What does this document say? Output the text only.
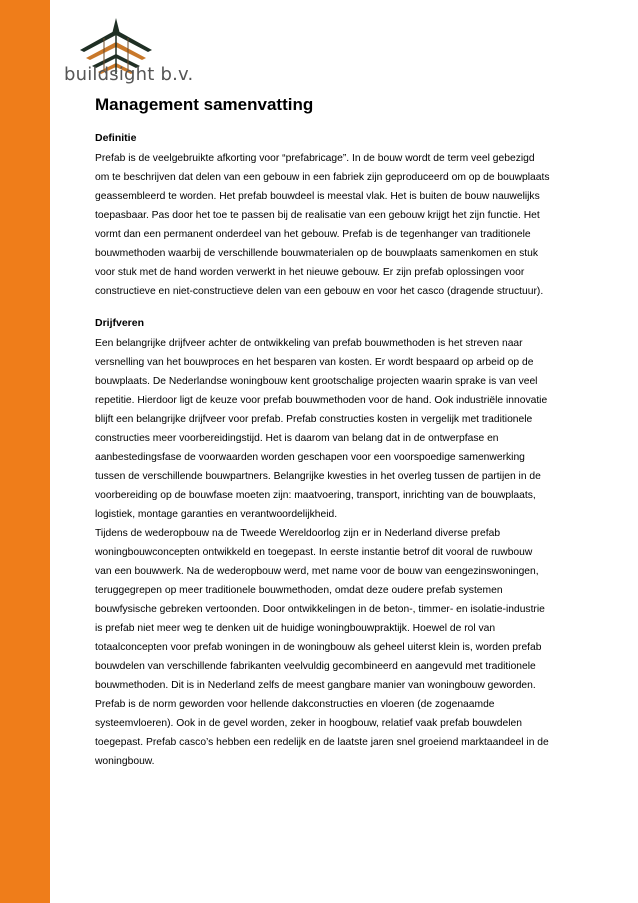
buildsight b.v.
Management samenvatting
Definitie

Prefab is de veelgebruikte afkorting voor “prefabricage”. In de bouw wordt de term veel gebezigd om te beschrijven dat delen van een gebouw in een fabriek zijn geproduceerd om op de bouwplaats geassembleerd te worden. Het prefab bouwdeel is meestal vlak. Het is buiten de bouw nauwelijks toepasbaar. Pas door het toe te passen bij de realisatie van een gebouw krijgt het zijn functie. Het vormt dan een permanent onderdeel van het gebouw. Prefab is de tegenhanger van traditionele bouwmethoden waarbij de verschillende bouwmaterialen op de bouwplaats samenkomen en stuk voor stuk met de hand worden verwerkt in het nieuwe gebouw. Er zijn prefab oplossingen voor constructieve en niet-constructieve delen van een gebouw en voor het casco (dragende structuur).

Drijfveren

Een belangrijke drijfveer achter de ontwikkeling van prefab bouwmethoden is het streven naar versnelling van het bouwproces en het besparen van kosten. Er wordt bespaard op arbeid op de bouwplaats. De Nederlandse woningbouw kent grootschalige projecten waarin sprake is van veel repetitie. Hierdoor ligt de keuze voor prefab bouwmethoden voor de hand. Ook industriële innovatie blijft een belangrijke drijfveer voor prefab. Prefab constructies kosten in vergelijk met traditionele constructies meer voorbereidingstijd. Het is daarom van belang dat in de ontwerpfase en aanbestedingsfase de voorwaarden worden geschapen voor een voorspoedige samenwerking tussen de verschillende bouwpartners. Belangrijke kwesties in het overleg tussen de partijen in de voorbereiding op de bouwfase moeten zijn: maatvoering, transport, inrichting van de bouwplaats, logistiek, montage garanties en verantwoordelijkheid.

Tijdens de wederopbouw na de Tweede Wereldoorlog zijn er in Nederland diverse prefab woningbouwconcepten ontwikkeld en toegepast. In eerste instantie betrof dit vooral de ruwbouw van een bouwwerk. Na de wederopbouw werd, met name voor de bouw van eengezinswoningen, teruggegrepen op meer traditionele bouwmethoden, omdat deze oudere prefab systemen bouwfysische gebreken vertoonden. Door ontwikkelingen in de beton-, timmer- en isolatie-industrie is prefab niet meer weg te denken uit de huidige woningbouwpraktijk. Hoewel de rol van totaalconcepten voor prefab woningen in de woningbouw als geheel uiterst klein is, worden prefab bouwdelen van verschillende fabrikanten veelvuldig gecombineerd en aangevuld met traditionele bouwmethoden. Dit is in Nederland zelfs de meest gangbare manier van woningbouw geworden. Prefab is de norm geworden voor hellende dakconstructies en vloeren (de zogenaamde systeemvloeren). Ook in de gevel worden, zeker in hoogbouw, relatief vaak prefab bouwdelen toegepast. Prefab casco’s hebben een redelijk en de laatste jaren snel groeiend marktaandeel in de woningbouw.
